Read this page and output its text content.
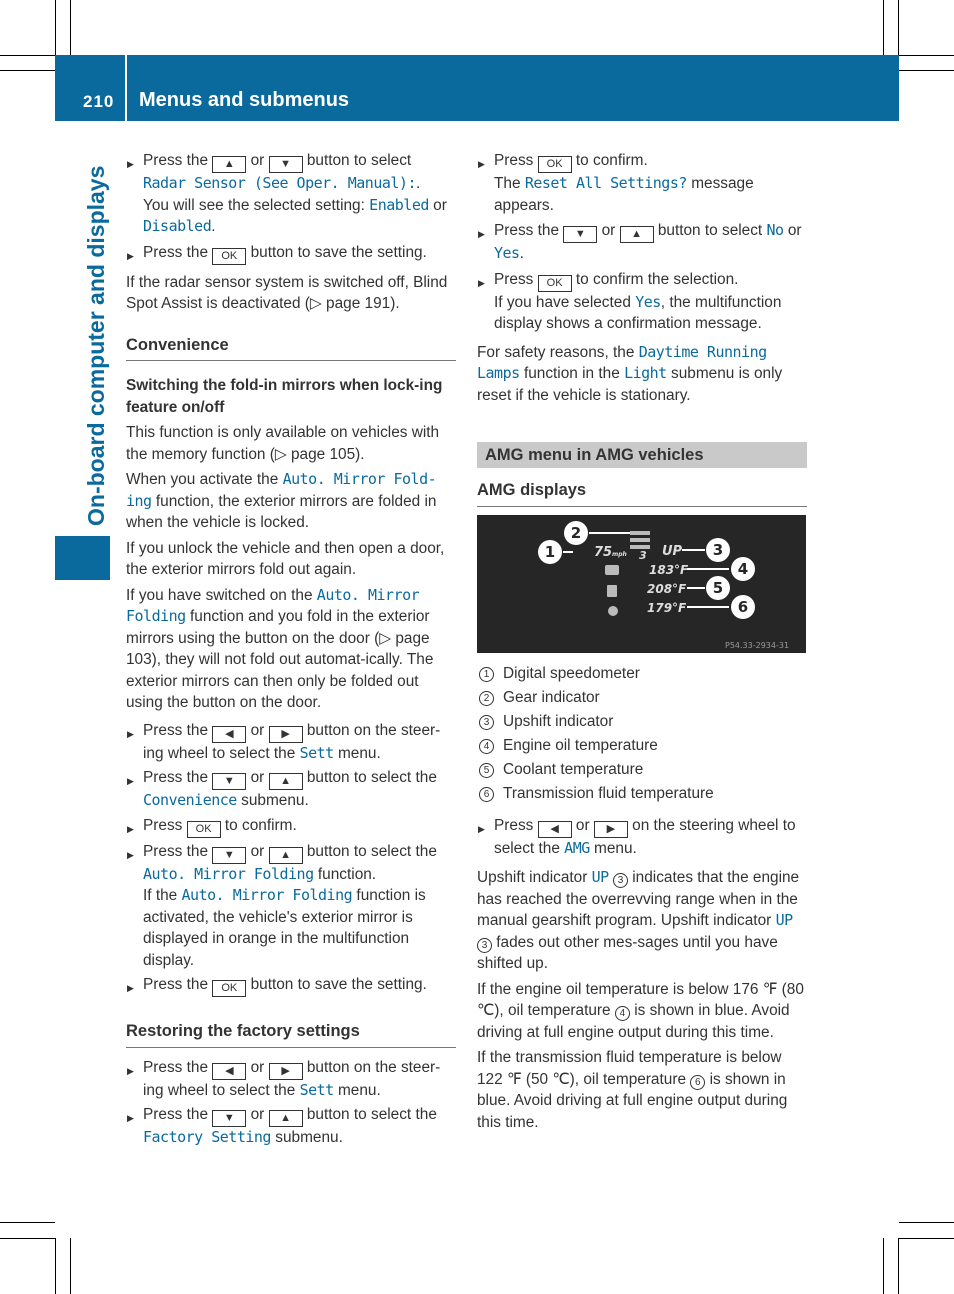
210 Menus and submenus
On-board computer and displays
▶ Press the ▲ or ▼ button to select Radar Sensor (See Oper. Manual):.
You will see the selected setting: Enabled or Disabled.
▶ Press the OK button to save the setting.

If the radar sensor system is switched off, Blind Spot Assist is deactivated (▷ page 191).

Convenience
Switching the fold-in mirrors when lock-ing feature on/off

This function is only available on vehicles with the memory function (▷ page 105).

When you activate the Auto. Mirror Fold-ing function, the exterior mirrors are folded in when the vehicle is locked.

If you unlock the vehicle and then open a door, the exterior mirrors fold out again.

If you have switched on the Auto. Mirror Folding function and you fold in the exterior mirrors using the button on the door (▷ page 103), they will not fold out automat-ically. The exterior mirrors can then only be folded out using the button on the door.

▶ Press the ◀ or ▶ button on the steer-ing wheel to select the Sett menu.
▶ Press the ▼ or ▲ button to select the Convenience submenu.
▶ Press OK to confirm.
▶ Press the ▼ or ▲ button to select the Auto. Mirror Folding function.
If the Auto. Mirror Folding function is activated, the vehicle's exterior mirror is displayed in orange in the multifunction display.
▶ Press the OK button to save the setting.
Restoring the factory settings
▶ Press the ◀ or ▶ button on the steer-ing wheel to select the Sett menu.
▶ Press the ▼ or ▲ button to select the Factory Setting submenu.
▶ Press OK to confirm.
The Reset All Settings? message appears.
▶ Press the ▼ or ▲ button to select No or Yes.
▶ Press OK to confirm the selection.
If you have selected Yes, the multifunction display shows a confirmation message.

For safety reasons, the Daytime Running Lamps function in the Light submenu is only reset if the vehicle is stationary.

AMG menu in AMG vehicles
AMG displays
1
2
3
4
5
6
75 mph 3 UP
183°F
208°F
179°F
P54.33-2934-31
1 Digital speedometer
2 Gear indicator
3 Upshift indicator
4 Engine oil temperature
5 Coolant temperature
6 Transmission fluid temperature
▶ Press ◀ or ▶ on the steering wheel to select the AMG menu.

Upshift indicator UP 3 indicates that the engine has reached the overrevving range when in the manual gearshift program. Upshift indicator UP 3 fades out other mes-sages until you have shifted up.

If the engine oil temperature is below 176 ℉ (80 ℃), oil temperature 4 is shown in blue. Avoid driving at full engine output during this time.

If the transmission fluid temperature is below 122 ℉ (50 ℃), oil temperature 6 is shown in blue. Avoid driving at full engine output during this time.
